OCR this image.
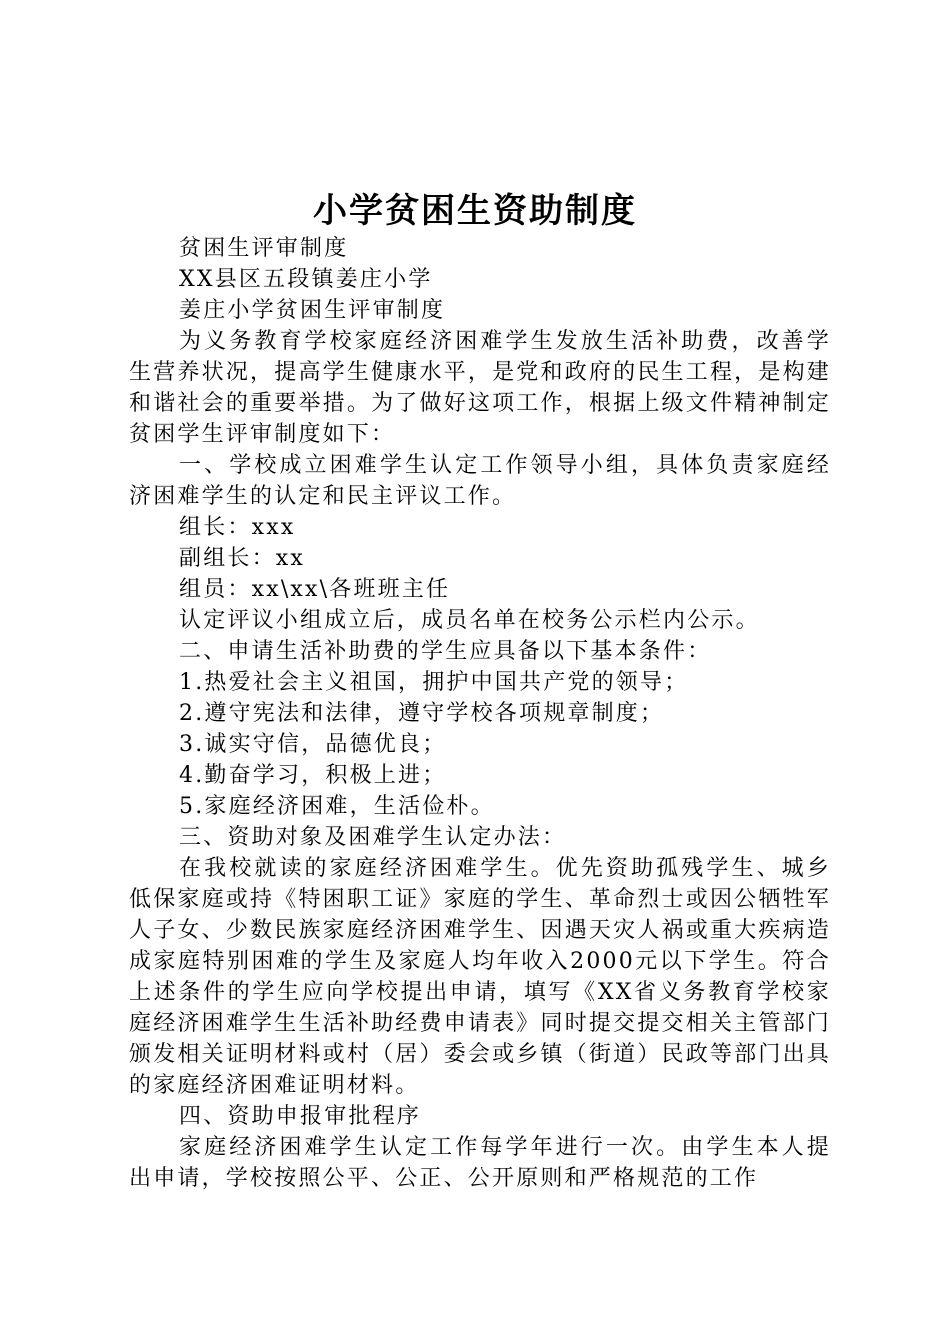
小学贫困生资助制度

贫困生评审制度

XX县区五段镇姜庄小学

姜庄小学贫困生评审制度

为义务教育学校家庭经济困难学生发放生活补助费，改善学生营养状况，提高学生健康水平，是党和政府的民生工程，是构建和谐社会的重要举措。为了做好这项工作，根据上级文件精神制定贫困学生评审制度如下：

一、学校成立困难学生认定工作领导小组，具体负责家庭经济困难学生的认定和民主评议工作。

组长：xxx

副组长：xx

组员：xx\xx\各班班主任

认定评议小组成立后，成员名单在校务公示栏内公示。

二、申请生活补助费的学生应具备以下基本条件：

1.热爱社会主义祖国，拥护中国共产党的领导；

2.遵守宪法和法律，遵守学校各项规章制度；

3.诚实守信，品德优良；

4.勤奋学习，积极上进；

5.家庭经济困难，生活俭朴。

三、资助对象及困难学生认定办法：

在我校就读的家庭经济困难学生。优先资助孤残学生、城乡低保家庭或持《特困职工证》家庭的学生、革命烈士或因公牺牲军人子女、少数民族家庭经济困难学生、因遇天灾人祸或重大疾病造成家庭特别困难的学生及家庭人均年收入2000元以下学生。符合上述条件的学生应向学校提出申请，填写《XX省义务教育学校家庭经济困难学生生活补助经费申请表》同时提交提交相关主管部门颁发相关证明材料或村（居）委会或乡镇（街道）民政等部门出具的家庭经济困难证明材料。

四、资助申报审批程序

家庭经济困难学生认定工作每学年进行一次。由学生本人提出申请，学校按照公平、公正、公开原则和严格规范的工作
